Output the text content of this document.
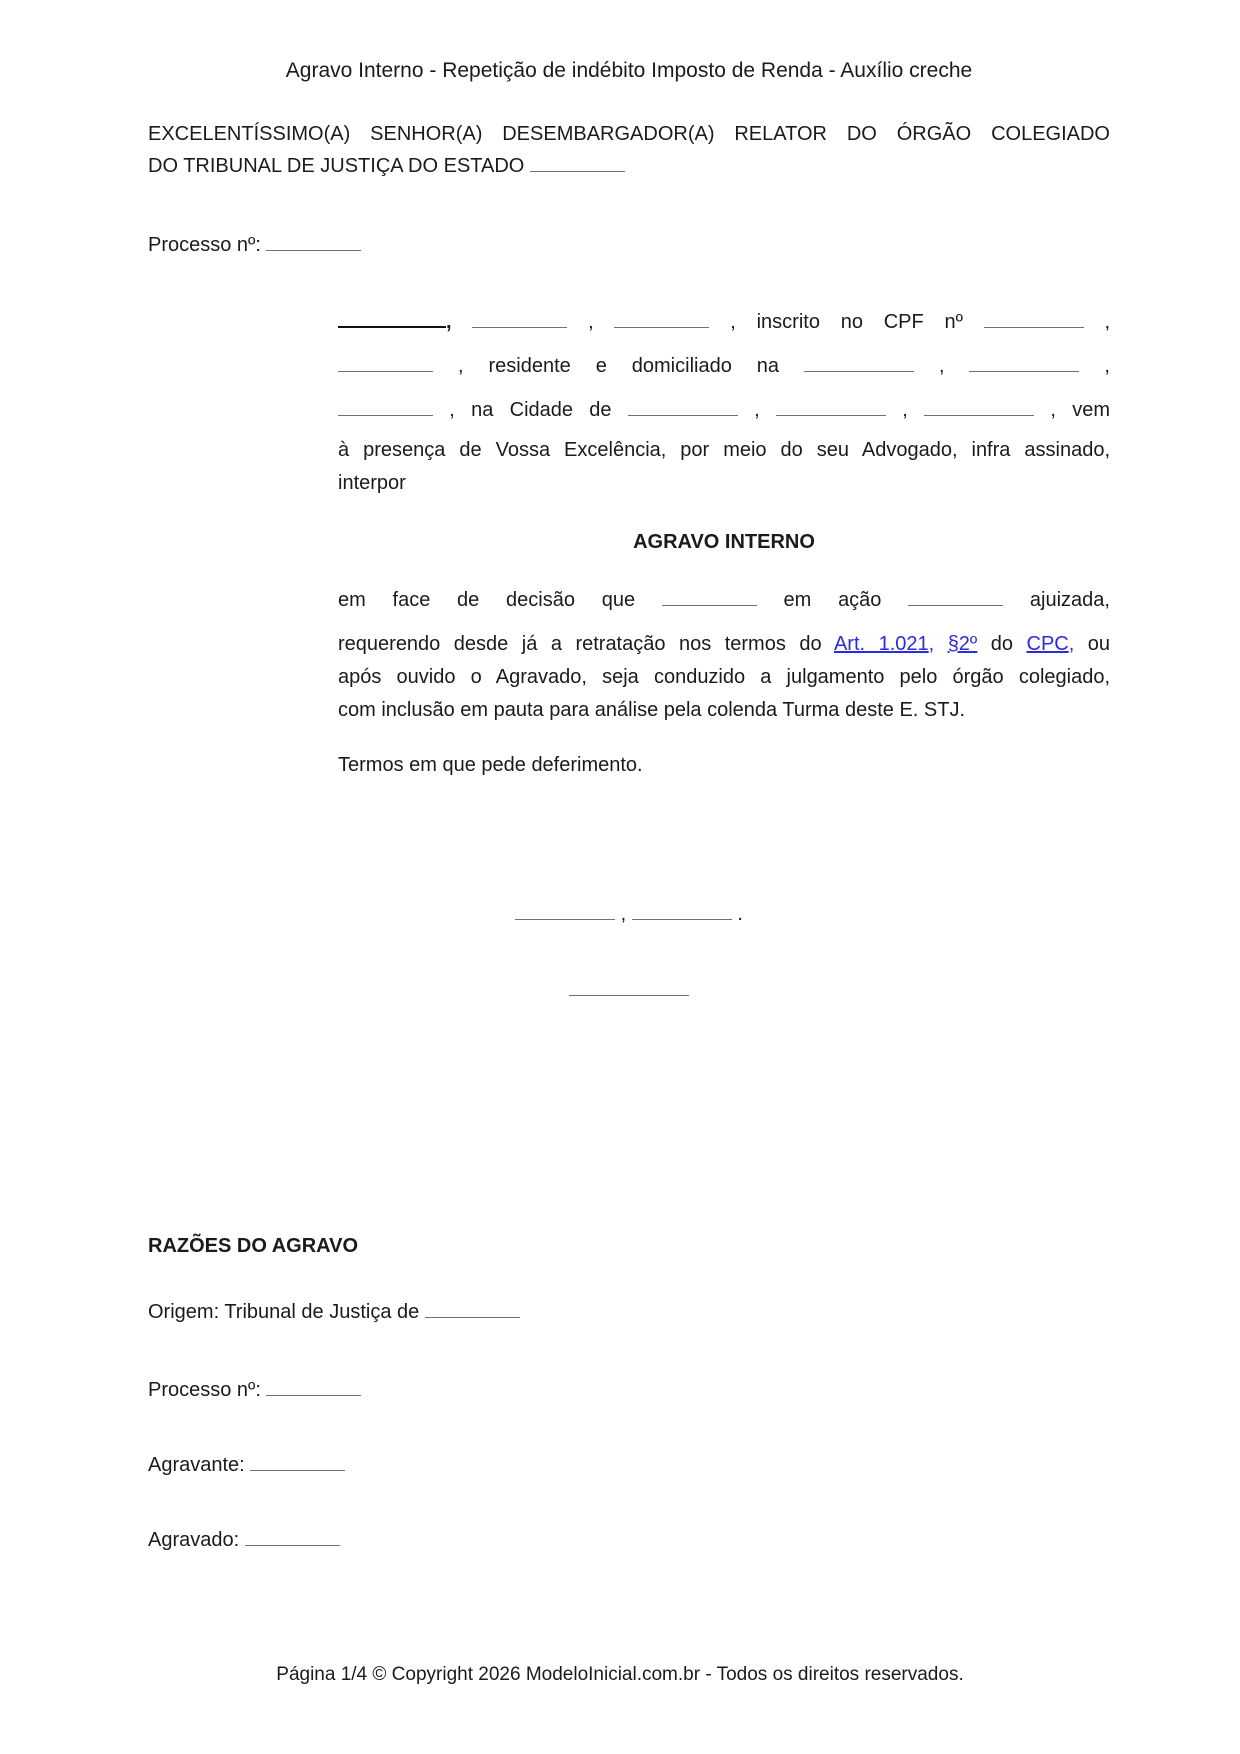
Agravo Interno - Repetição de indébito Imposto de Renda - Auxílio creche
EXCELENTÍSSIMO(A) SENHOR(A) DESEMBARGADOR(A) RELATOR DO ÓRGÃO COLEGIADO
DO TRIBUNAL DE JUSTIÇA DO ESTADO
Processo nº:
,	,	, inscrito no CPF nº	,
, residente e domiciliado na	,	,
, na Cidade de	,	,	, vem
à presença de Vossa Excelência, por meio do seu Advogado, infra assinado,
interpor
AGRAVO INTERNO
em face de decisão que	em ação	ajuizada,
requerendo desde já a retratação nos termos do Art. 1.021, §2º do CPC, ou
após ouvido o Agravado, seja conduzido a julgamento pelo órgão colegiado,
com inclusão em pauta para análise pela colenda Turma deste E. STJ.
Termos em que pede deferimento.
,	.
RAZÕES DO AGRAVO
Origem: Tribunal de Justiça de
Processo nº:
Agravante:
Agravado:
Página 1/4 © Copyright 2026 ModeloInicial.com.br - Todos os direitos reservados.
